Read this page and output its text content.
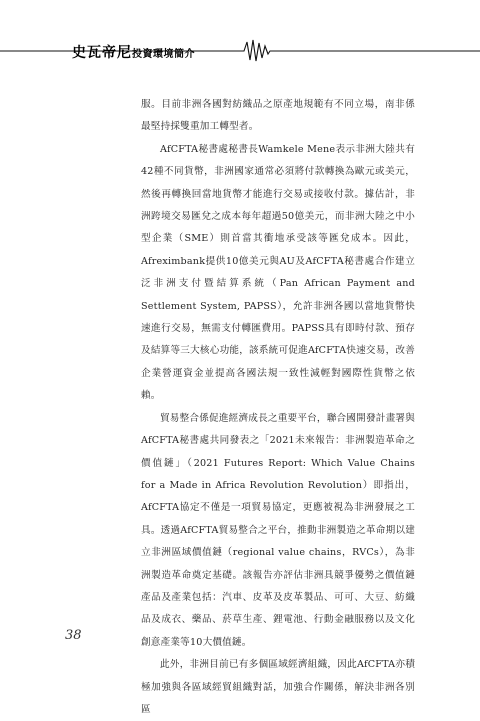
史瓦帝尼投資環境簡介

服。目前非洲各國對紡織品之原產地規範有不同立場，南非係最堅持採雙重加工轉型者。

AfCFTA秘書處秘書長Wamkele Mene表示非洲大陸共有42種不同貨幣，非洲國家通常必須將付款轉換為歐元或美元，然後再轉換回當地貨幣才能進行交易或接收付款。據估計，非洲跨境交易匯兌之成本每年超過50億美元，而非洲大陸之中小型企業（SME）則首當其衝地承受該等匯兌成本。因此，Afreximbank提供10億美元與AU及AfCFTA秘書處合作建立泛非洲支付暨結算系統（Pan African Payment and Settlement System, PAPSS），允許非洲各國以當地貨幣快速進行交易，無需支付轉匯費用。PAPSS具有即時付款、預存及結算等三大核心功能，該系統可促進AfCFTA快速交易，改善企業營運資金並提高各國法規一致性減輕對國際性貨幣之依賴。

貿易整合係促進經濟成長之重要平台，聯合國開發計畫署與AfCFTA秘書處共同發表之「2021未來報告：非洲製造革命之價值鏈」（2021 Futures Report: Which Value Chains for a Made in Africa Revolution Revolution）即指出，AfCFTA協定不僅是一項貿易協定，更應被視為非洲發展之工具。透過AfCFTA貿易整合之平台，推動非洲製造之革命期以建立非洲區域價值鏈（regional value chains，RVCs），為非洲製造革命奠定基礎。該報告亦評估非洲具競爭優勢之價值鏈產品及產業包括：汽車、皮革及皮革製品、可可、大豆、紡織品及成衣、藥品、菸草生產、鋰電池、行動金融服務以及文化創意產業等10大價值鏈。

此外，非洲目前已有多個區域經濟組織，因此AfCFTA亦積極加強與各區域經貿組織對話，加強合作關係，解決非洲各別區

38
